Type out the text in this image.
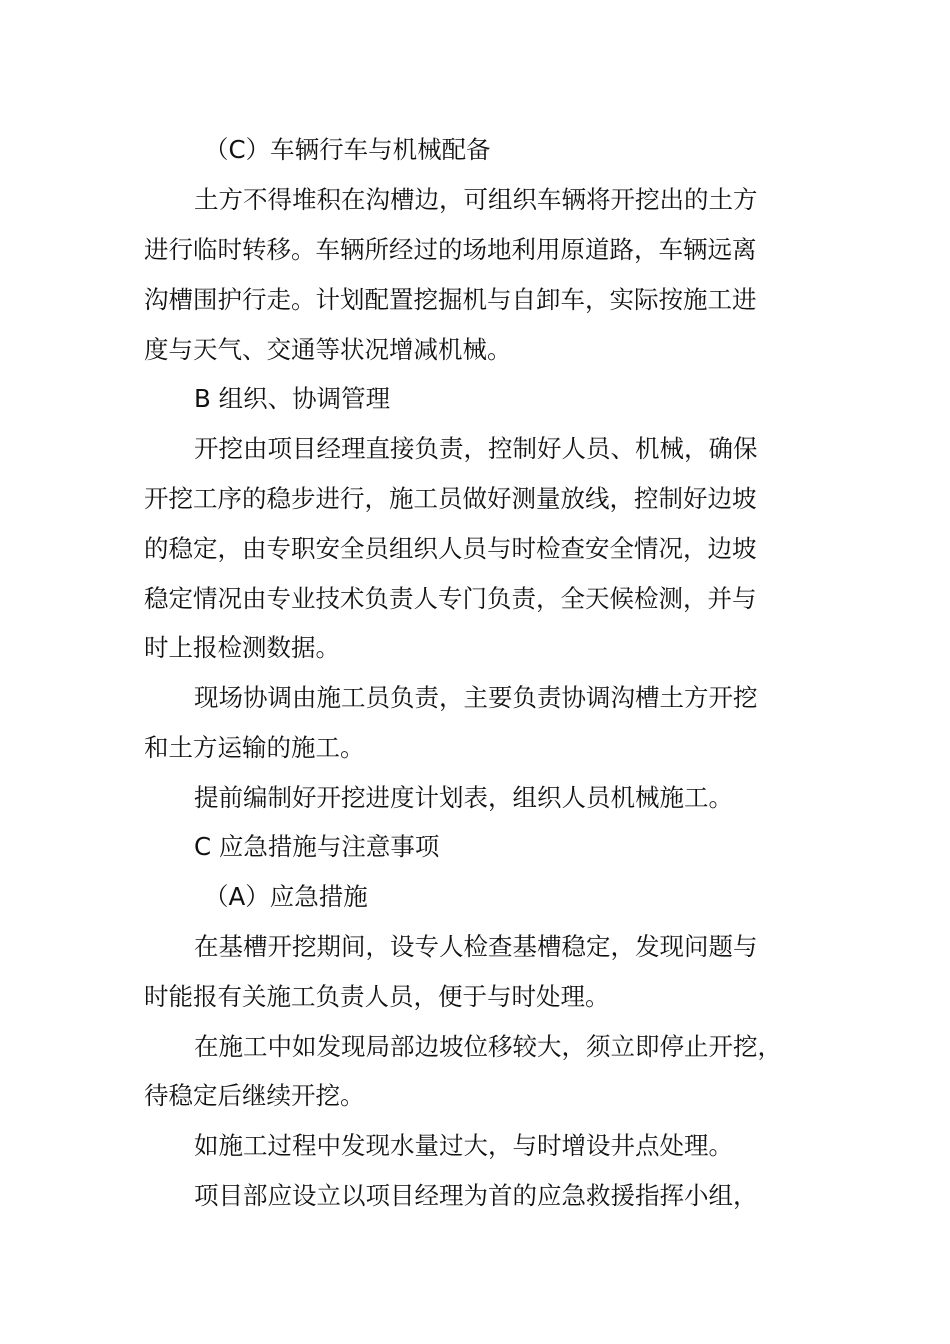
（C）车辆行车与机械配备
土方不得堆积在沟槽边，可组织车辆将开挖出的土方
进行临时转移。车辆所经过的场地利用原道路，车辆远离
沟槽围护行走。计划配置挖掘机与自卸车，实际按施工进
度与天气、交通等状况增减机械。
B 组织、协调管理
开挖由项目经理直接负责，控制好人员、机械，确保
开挖工序的稳步进行，施工员做好测量放线，控制好边坡
的稳定，由专职安全员组织人员与时检查安全情况，边坡
稳定情况由专业技术负责人专门负责，全天候检测，并与
时上报检测数据。
现场协调由施工员负责，主要负责协调沟槽土方开挖
和土方运输的施工。
提前编制好开挖进度计划表，组织人员机械施工。
C 应急措施与注意事项
（A）应急措施
在基槽开挖期间，设专人检查基槽稳定，发现问题与
时能报有关施工负责人员，便于与时处理。
在施工中如发现局部边坡位移较大，须立即停止开挖，
待稳定后继续开挖。
如施工过程中发现水量过大，与时增设井点处理。
项目部应设立以项目经理为首的应急救援指挥小组，
